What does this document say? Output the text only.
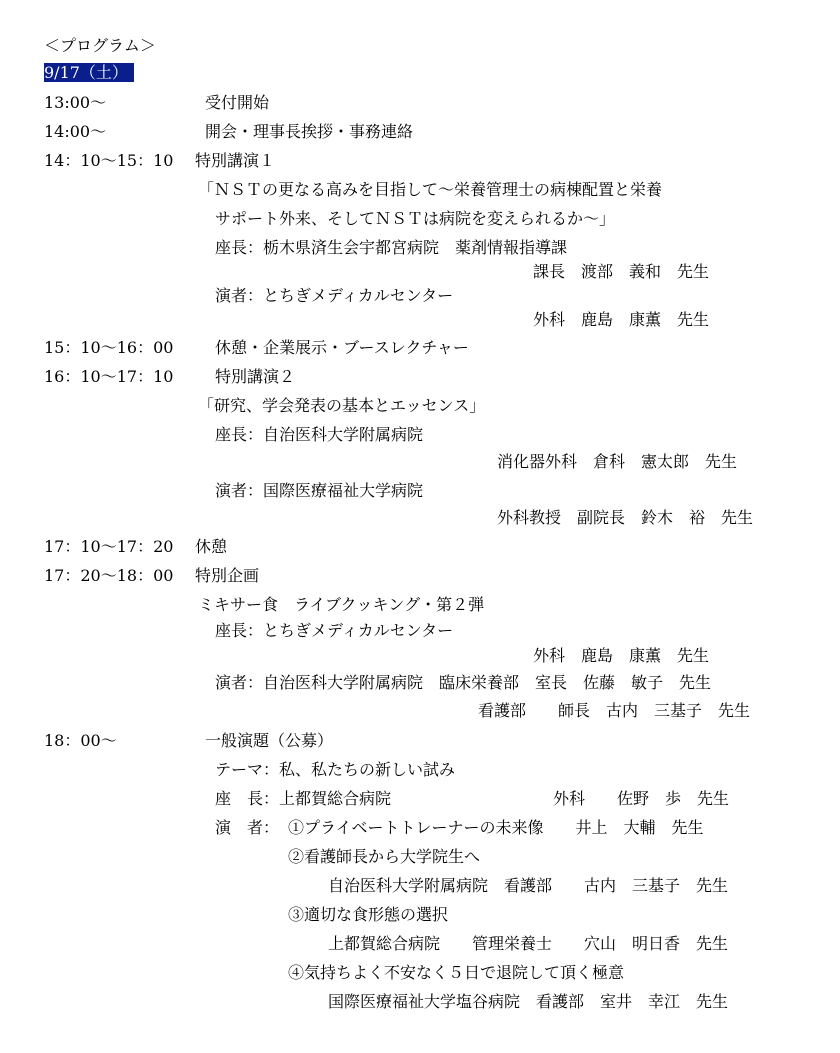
＜プログラム＞
9/17（土）
13:00～	受付開始
14:00～	開会・理事長挨拶・事務連絡
14：10～15：10 特別講演１
「ＮＳＴの更なる高みを目指して～栄養管理士の病棟配置と栄養
サポート外来、そしてＮＳＴは病院を変えられるか～」
座長：栃木県済生会宇都宮病院　薬剤情報指導課
課長　渡部　義和　先生
演者：とちぎメディカルセンター
外科　鹿島　康薫　先生
15：10～16：00	休憩・企業展示・ブースレクチャー
16：10～17：10	特別講演２
「研究、学会発表の基本とエッセンス」
座長：自治医科大学附属病院
消化器外科　倉科　憲太郎　先生
演者：国際医療福祉大学病院
外科教授　副院長　鈴木　裕　先生
17：10～17：20 休憩
17：20～18：00 特別企画
ミキサー食　ライブクッキング・第２弾
座長：とちぎメディカルセンター
外科　鹿島　康薫　先生
演者：自治医科大学附属病院　臨床栄養部　室長　佐藤　敏子　先生
看護部　　師長　古内　三基子　先生
18：00～	一般演題（公募）
テーマ：私、私たちの新しい試み
座　長：上都賀総合病院	外科　　佐野　歩　先生
演　者： ①プライベートトレーナーの未来像　　井上　大輔　先生
②看護師長から大学院生へ
自治医科大学附属病院　看護部　　古内　三基子　先生
③適切な食形態の選択
上都賀総合病院　　管理栄養士　　穴山　明日香　先生
④気持ちよく不安なく５日で退院して頂く極意
国際医療福祉大学塩谷病院　看護部　室井　幸江　先生
